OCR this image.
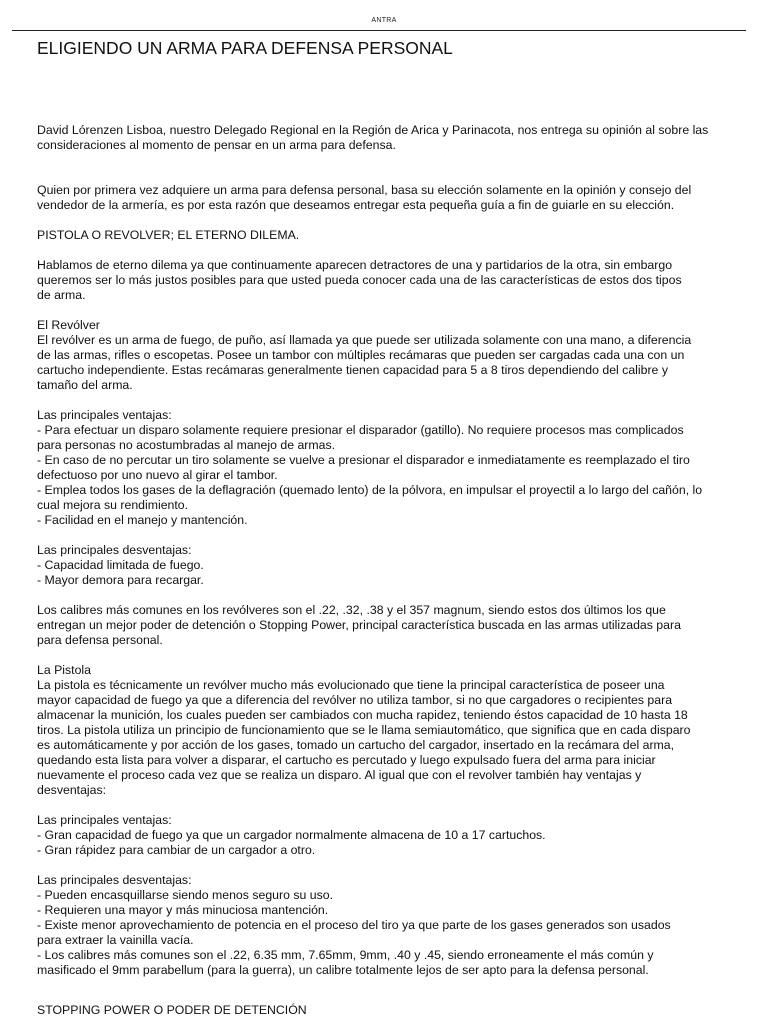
ANTRA
ELIGIENDO UN ARMA PARA DEFENSA PERSONAL

David Lórenzen Lisboa, nuestro Delegado Regional en la Región de Arica y Parinacota, nos entrega su opinión al sobre las
consideraciones al momento de pensar en un arma para defensa.

Quien por primera vez adquiere un arma para defensa personal, basa su elección solamente en la opinión y consejo del
vendedor de la armería, es por esta razón que deseamos entregar esta pequeña guía a fin de guiarle en su elección.

PISTOLA O REVOLVER; EL ETERNO DILEMA.

Hablamos de eterno dilema ya que continuamente aparecen detractores de una y partidarios de la otra, sin embargo
queremos ser lo más justos posibles para que usted pueda conocer cada una de las características de estos dos tipos
de arma.

El Revólver

El revólver es un arma de fuego, de puño, así llamada ya que puede ser utilizada solamente con una mano, a diferencia
de las armas, rifles o escopetas. Posee un tambor con múltiples recámaras que pueden ser cargadas cada una con un
cartucho independiente. Estas recámaras generalmente tienen capacidad para 5 a 8 tiros dependiendo del calibre y
tamaño del arma.

Las principales ventajas:
- Para efectuar un disparo solamente requiere presionar el disparador (gatillo). No requiere procesos mas complicados
para personas no acostumbradas al manejo de armas.
- En caso de no percutar un tiro solamente se vuelve a presionar el disparador e inmediatamente es reemplazado el tiro
defectuoso por uno nuevo al girar el tambor.
- Emplea todos los gases de la deflagración (quemado lento) de la pólvora, en impulsar el proyectil a lo largo del cañón, lo
cual mejora su rendimiento.
- Facilidad en el manejo y mantención.

Las principales desventajas:
- Capacidad limitada de fuego.
- Mayor demora para recargar.

Los calibres más comunes en los revólveres son el .22, .32, .38 y el 357 magnum, siendo estos dos últimos los que
entregan un mejor poder de detención o Stopping Power, principal característica buscada en las armas utilizadas para
para defensa personal.

La Pistola

La pistola es técnicamente un revólver mucho más evolucionado que tiene la principal característica de poseer una
mayor capacidad de fuego ya que a diferencia del revólver no utiliza tambor, si no que cargadores o recipientes para
almacenar la munición, los cuales pueden ser cambiados con mucha rapidez, teniendo éstos capacidad de 10 hasta 18
tiros. La pistola utiliza un principio de funcionamiento que se le llama semiautomático, que significa que en cada disparo
es automáticamente y por acción de los gases, tomado un cartucho del cargador, insertado en la recámara del arma,
quedando esta lista para volver a disparar, el cartucho es percutado y luego expulsado fuera del arma para iniciar
nuevamente el proceso cada vez que se realiza un disparo. Al igual que con el revolver también hay ventajas y
desventajas:

Las principales ventajas:
- Gran capacidad de fuego ya que un cargador normalmente almacena de 10 a 17 cartuchos.
- Gran rápidez para cambiar de un cargador a otro.

Las principales desventajas:
- Pueden encasquillarse siendo menos seguro su uso.
- Requieren una mayor y más minuciosa mantención.
- Existe menor aprovechamiento de potencia en el proceso del tiro ya que parte de los gases generados son usados
para extraer la vainilla vacía.
- Los calibres más comunes son el .22, 6.35 mm, 7.65mm, 9mm, .40 y .45, siendo erroneamente el más común y
masificado el 9mm parabellum (para la guerra), un calibre totalmente lejos de ser apto para la defensa personal.

STOPPING POWER O PODER DE DETENCIÓN
